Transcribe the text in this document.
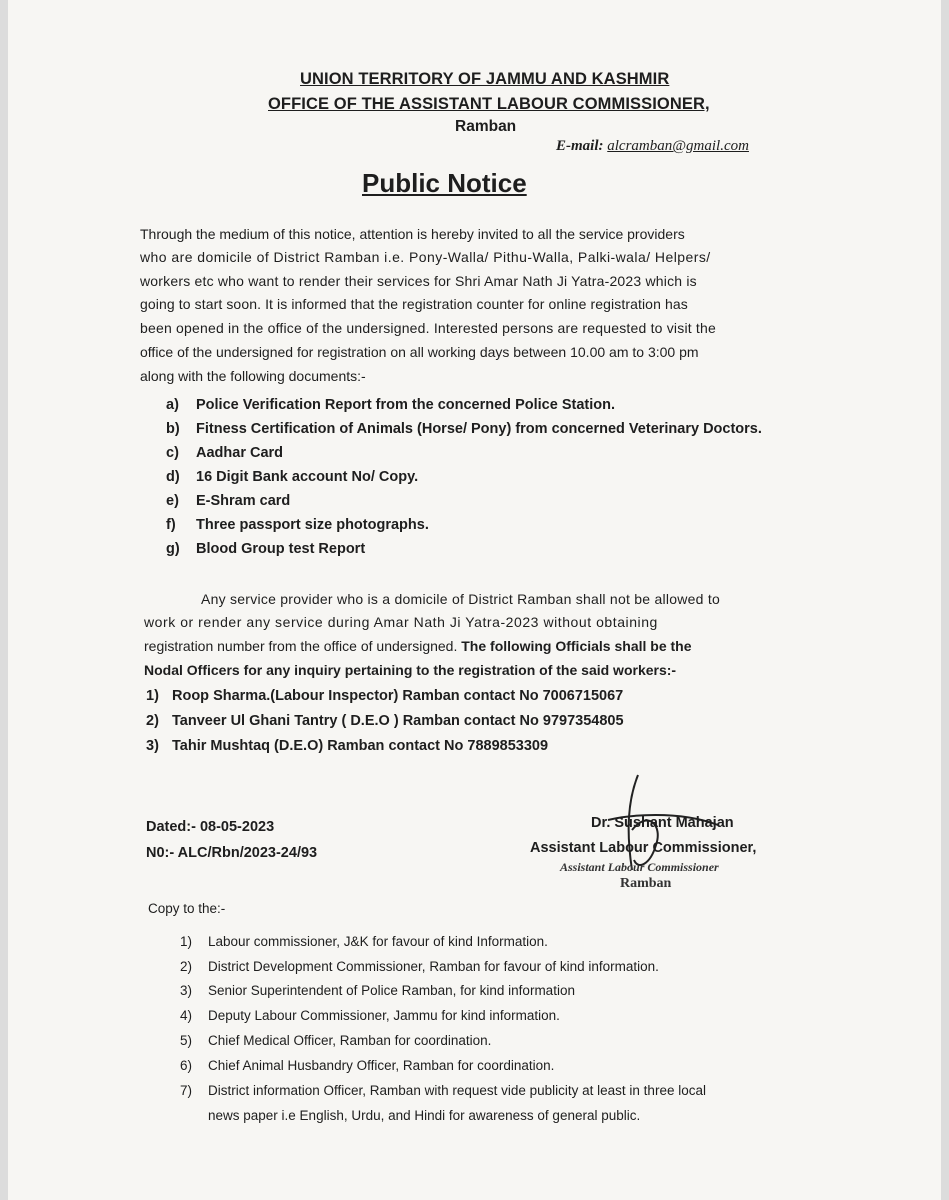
UNION TERRITORY OF JAMMU AND KASHMIR
OFFICE OF THE ASSISTANT LABOUR COMMISSIONER,
Ramban
E-mail: alcramban@gmail.com
Public Notice
Through the medium of this notice, attention is hereby invited to all the service providers
who are domicile of District Ramban i.e. Pony-Walla/ Pithu-Walla, Palki-wala/ Helpers/
workers etc who want to render their services for Shri Amar Nath Ji Yatra-2023 which is
going to start soon. It is informed that the registration counter for online registration has
been opened in the office of the undersigned. Interested persons are requested to visit the
office of the undersigned for registration on all working days between 10.00 am to 3:00 pm
along with the following documents:-
a) Police Verification Report from the concerned Police Station.
b) Fitness Certification of Animals (Horse/ Pony) from concerned Veterinary Doctors.
c) Aadhar Card
d) 16 Digit Bank account No/ Copy.
e) E-Shram card
f) Three passport size photographs.
g) Blood Group test Report
Any service provider who is a domicile of District Ramban shall not be allowed to
work or render any service during Amar Nath Ji Yatra-2023 without obtaining
registration number from the office of undersigned. The following Officials shall be the
Nodal Officers for any inquiry pertaining to the registration of the said workers:-
1) Roop Sharma.(Labour Inspector) Ramban contact No 7006715067
2) Tanveer Ul Ghani Tantry ( D.E.O ) Ramban contact No 9797354805
3) Tahir Mushtaq (D.E.O) Ramban contact No 7889853309
Dated:- 08-05-2023
N0:- ALC/Rbn/2023-24/93
Dr. Sushant Mahajan
Assistant Labour Commissioner,
Assistant Labour Commissioner
Ramban
Copy to the:-
1) Labour commissioner, J&K for favour of kind Information.
2) District Development Commissioner, Ramban for favour of kind information.
3) Senior Superintendent of Police Ramban, for kind information
4) Deputy Labour Commissioner, Jammu for kind information.
5) Chief Medical Officer, Ramban for coordination.
6) Chief Animal Husbandry Officer, Ramban for coordination.
7) District information Officer, Ramban with request vide publicity at least in three local
news paper i.e English, Urdu, and Hindi for awareness of general public.
